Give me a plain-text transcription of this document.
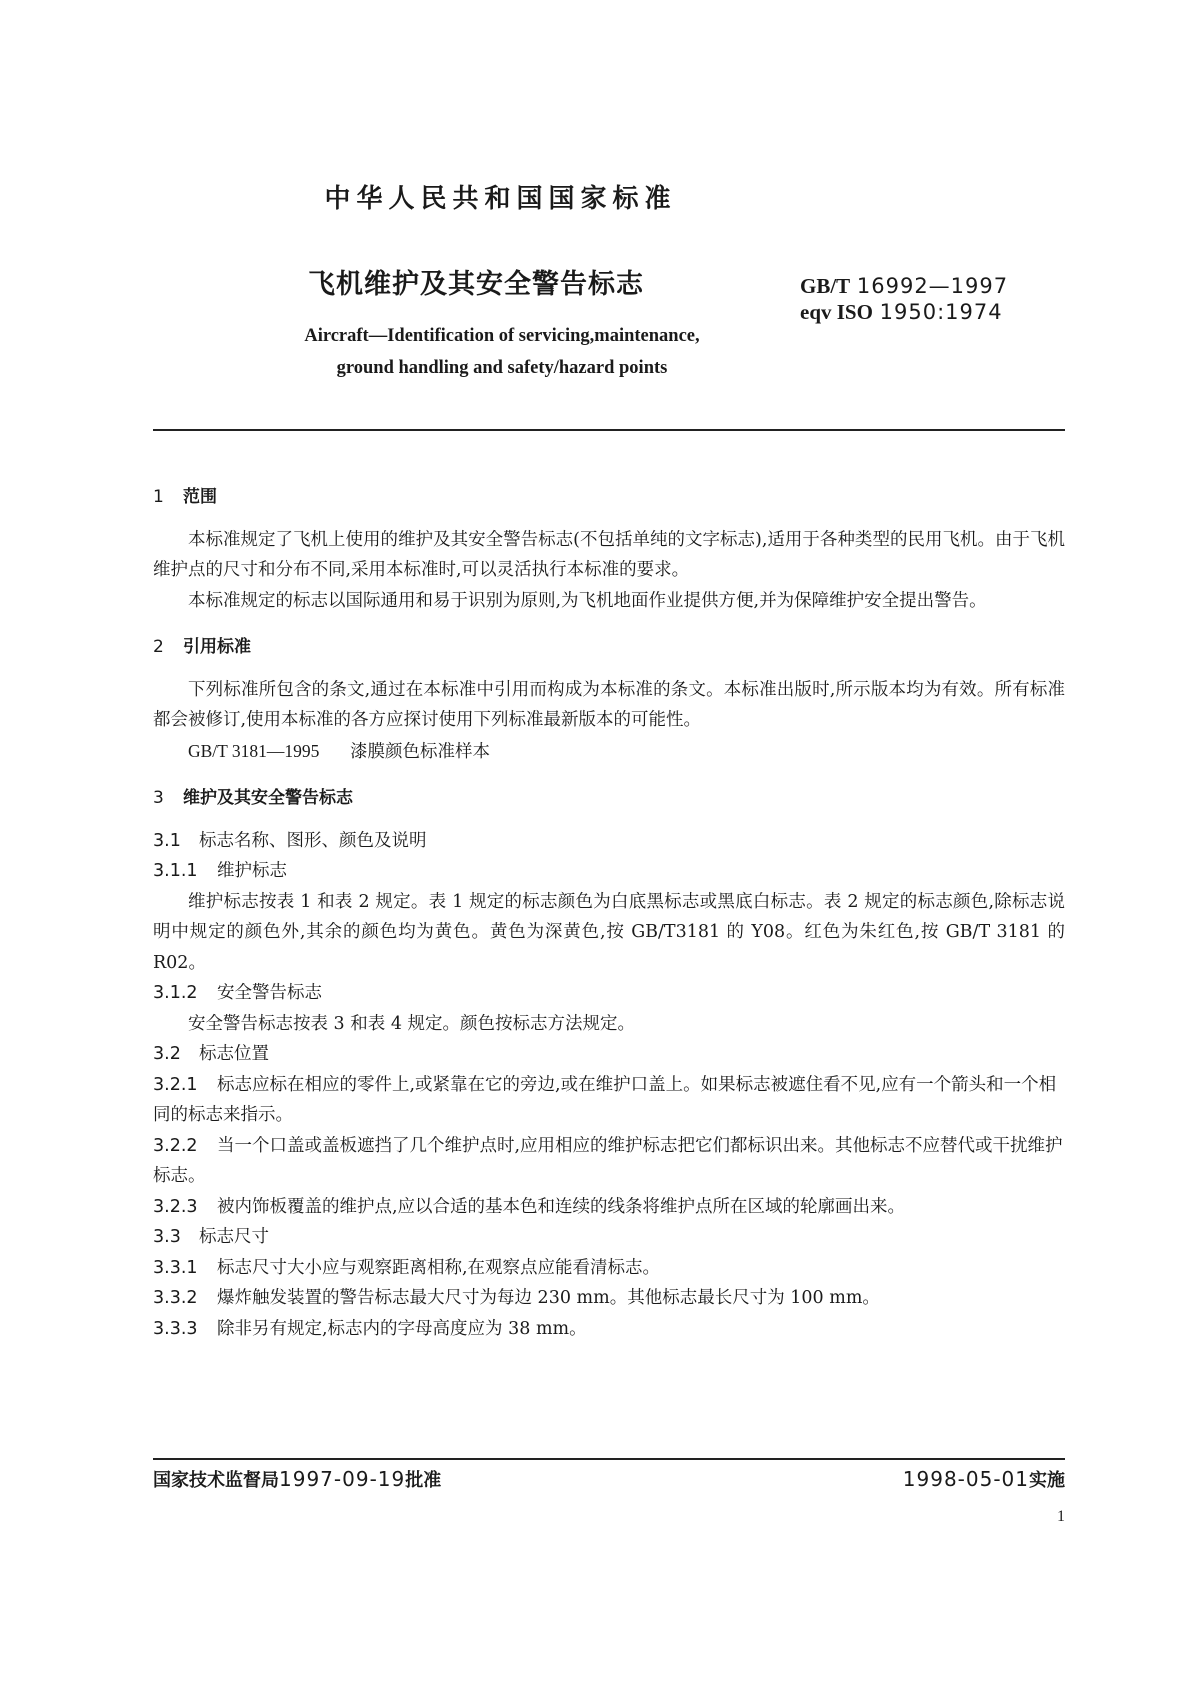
中华人民共和国国家标准
飞机维护及其安全警告标志	GB/T 16992—1997
eqv ISO 1950:1974
Aircraft—Identification of servicing,maintenance,
ground handling and safety/hazard points

1 范围

本标准规定了飞机上使用的维护及其安全警告标志(不包括单纯的文字标志),适用于各种类型的民用飞机。由于飞机维护点的尺寸和分布不同,采用本标准时,可以灵活执行本标准的要求。

本标准规定的标志以国际通用和易于识别为原则,为飞机地面作业提供方便,并为保障维护安全提出警告。

2 引用标准

下列标准所包含的条文,通过在本标准中引用而构成为本标准的条文。本标准出版时,所示版本均为有效。所有标准都会被修订,使用本标准的各方应探讨使用下列标准最新版本的可能性。

GB/T 3181—1995 漆膜颜色标准样本

3 维护及其安全警告标志

3.1 标志名称、图形、颜色及说明

3.1.1 维护标志

维护标志按表 1 和表 2 规定。表 1 规定的标志颜色为白底黑标志或黑底白标志。表 2 规定的标志颜色,除标志说明中规定的颜色外,其余的颜色均为黄色。黄色为深黄色,按 GB/T3181 的 Y08。红色为朱红色,按 GB/T 3181 的 R02。

3.1.2 安全警告标志

安全警告标志按表 3 和表 4 规定。颜色按标志方法规定。

3.2 标志位置

3.2.1 标志应标在相应的零件上,或紧靠在它的旁边,或在维护口盖上。如果标志被遮住看不见,应有一个箭头和一个相同的标志来指示。

3.2.2 当一个口盖或盖板遮挡了几个维护点时,应用相应的维护标志把它们都标识出来。其他标志不应替代或干扰维护标志。

3.2.3 被内饰板覆盖的维护点,应以合适的基本色和连续的线条将维护点所在区域的轮廓画出来。

3.3 标志尺寸

3.3.1 标志尺寸大小应与观察距离相称,在观察点应能看清标志。

3.3.2 爆炸触发装置的警告标志最大尺寸为每边 230 mm。其他标志最长尺寸为 100 mm。

3.3.3 除非另有规定,标志内的字母高度应为 38 mm。

国家技术监督局1997-09-19批准	1998-05-01实施
1
